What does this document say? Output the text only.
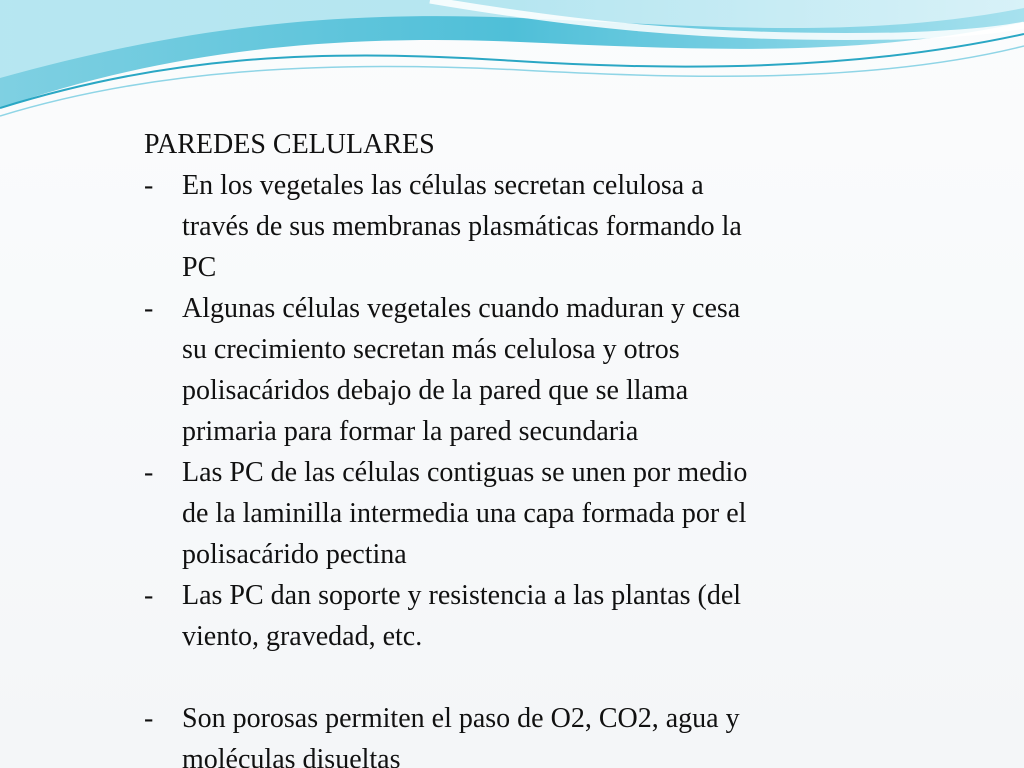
PAREDES CELULARES

-	En los vegetales las células secretan celulosa a
través de sus membranas plasmáticas formando la
PC
-	Algunas células vegetales cuando maduran y cesa
su crecimiento secretan más celulosa y otros
polisacáridos debajo de la pared que se llama
primaria para formar la pared secundaria
-	Las PC de las células contiguas se unen por medio
de la laminilla intermedia una capa formada por el
polisacárido pectina
-	Las PC dan soporte y resistencia a las plantas (del
viento, gravedad, etc.
-	Son porosas permiten el paso de O2, CO2, agua y
moléculas disueltas
